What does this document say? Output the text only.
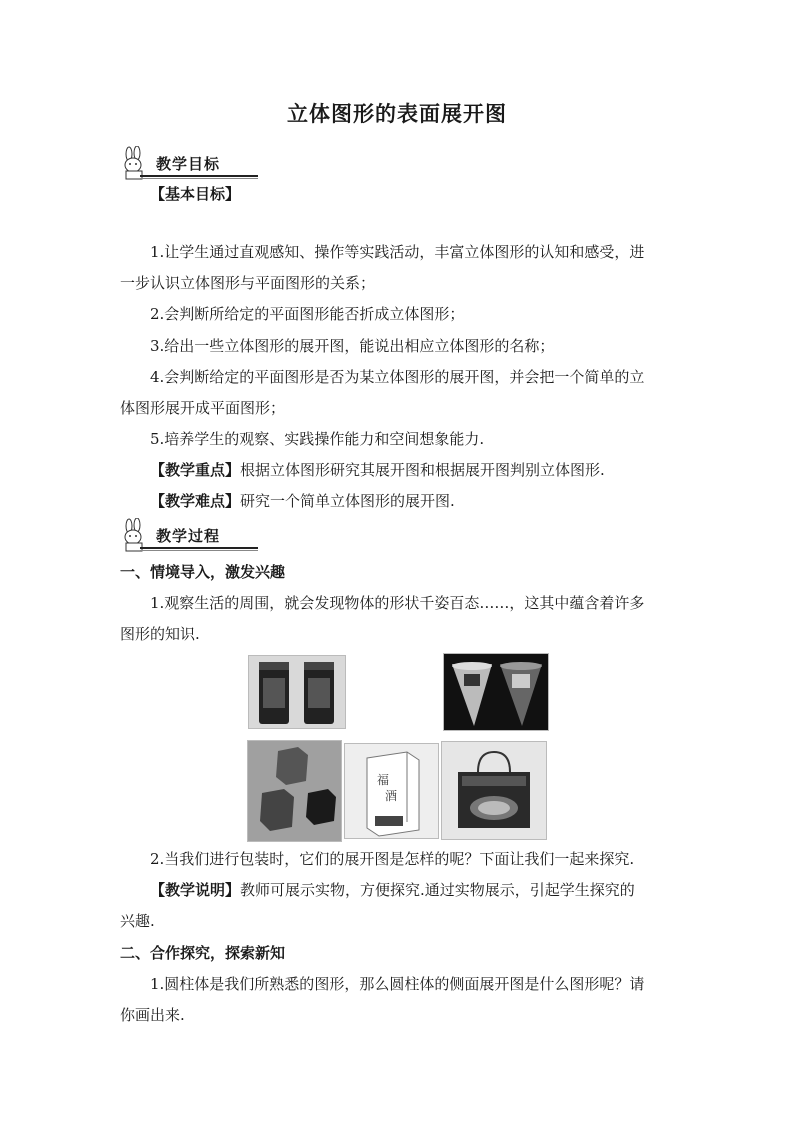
立体图形的表面展开图
教学目标
【基本目标】
1.让学生通过直观感知、操作等实践活动，丰富立体图形的认知和感受，进
一步认识立体图形与平面图形的关系；
2.会判断所给定的平面图形能否折成立体图形；
3.给出一些立体图形的展开图，能说出相应立体图形的名称；
4.会判断给定的平面图形是否为某立体图形的展开图，并会把一个简单的立
体图形展开成平面图形；
5.培养学生的观察、实践操作能力和空间想象能力.
【教学重点】根据立体图形研究其展开图和根据展开图判别立体图形.
【教学难点】研究一个简单立体图形的展开图.
教学过程
一、情境导入，激发兴趣
1.观察生活的周围，就会发现物体的形状千姿百态……，这其中蕴含着许多
图形的知识.
福
酒
2.当我们进行包装时，它们的展开图是怎样的呢？下面让我们一起来探究.
【教学说明】教师可展示实物，方便探究.通过实物展示，引起学生探究的
兴趣.
二、合作探究，探索新知
1.圆柱体是我们所熟悉的图形，那么圆柱体的侧面展开图是什么图形呢？请
你画出来.
